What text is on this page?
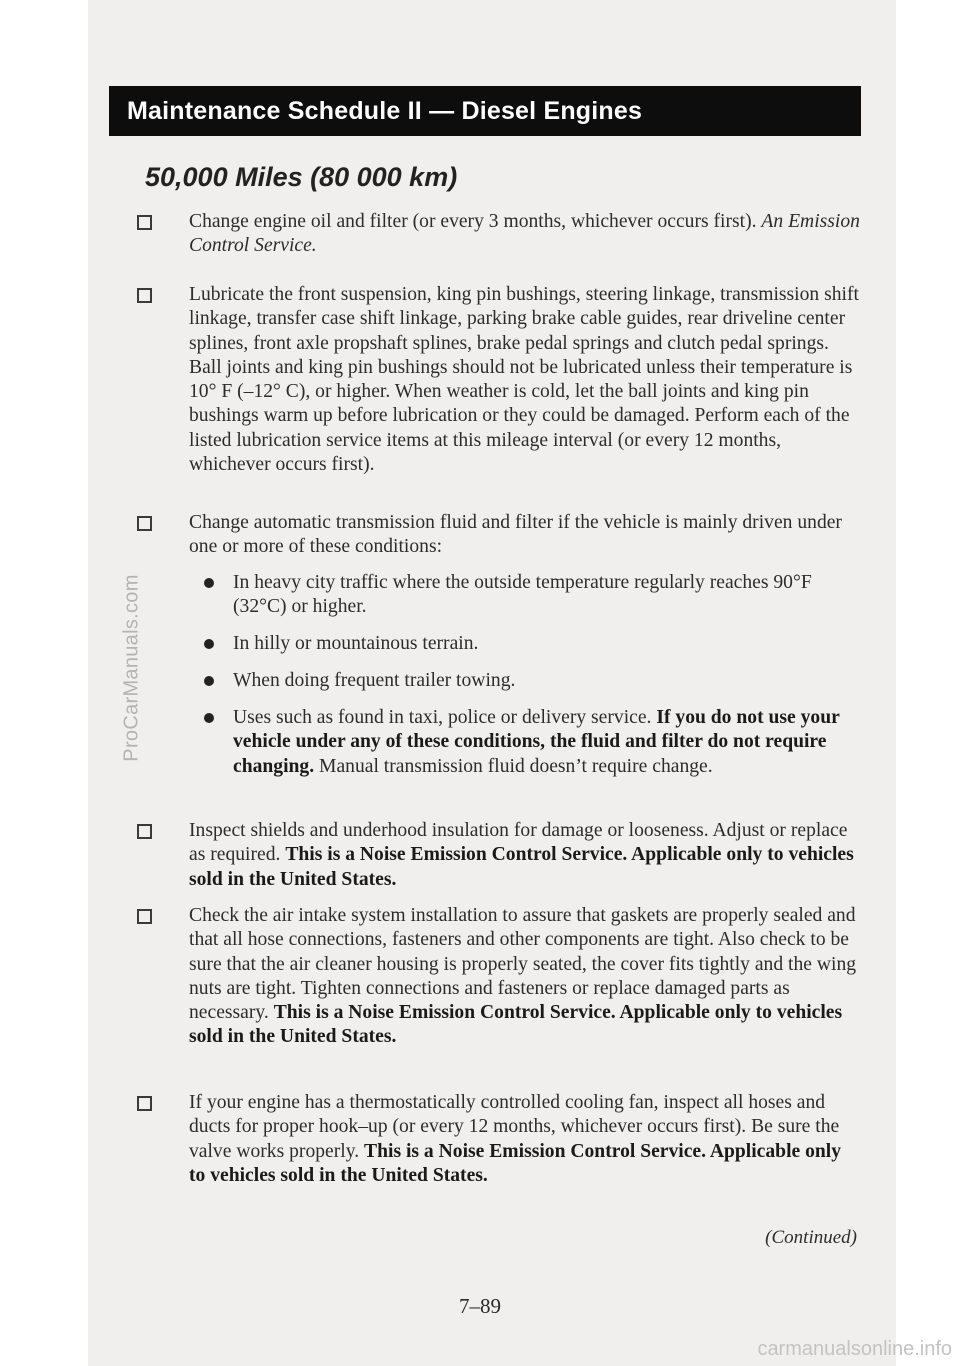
Maintenance Schedule II — Diesel Engines
50,000 Miles (80 000 km)
Change engine oil and filter (or every 3 months, whichever occurs first). An Emission Control Service.
Lubricate the front suspension, king pin bushings, steering linkage, transmission shift linkage, transfer case shift linkage, parking brake cable guides, rear driveline center splines, front axle propshaft splines, brake pedal springs and clutch pedal springs. Ball joints and king pin bushings should not be lubricated unless their temperature is 10° F (–12° C), or higher. When weather is cold, let the ball joints and king pin bushings warm up before lubrication or they could be damaged. Perform each of the listed lubrication service items at this mileage interval (or every 12 months, whichever occurs first).
Change automatic transmission fluid and filter if the vehicle is mainly driven under one or more of these conditions:
In heavy city traffic where the outside temperature regularly reaches 90°F (32°C) or higher.
In hilly or mountainous terrain.
When doing frequent trailer towing.
Uses such as found in taxi, police or delivery service. If you do not use your vehicle under any of these conditions, the fluid and filter do not require changing. Manual transmission fluid doesn’t require change.
Inspect shields and underhood insulation for damage or looseness. Adjust or replace as required. This is a Noise Emission Control Service. Applicable only to vehicles sold in the United States.
Check the air intake system installation to assure that gaskets are properly sealed and that all hose connections, fasteners and other components are tight. Also check to be sure that the air cleaner housing is properly seated, the cover fits tightly and the wing nuts are tight. Tighten connections and fasteners or replace damaged parts as necessary. This is a Noise Emission Control Service. Applicable only to vehicles sold in the United States.
If your engine has a thermostatically controlled cooling fan, inspect all hoses and ducts for proper hook–up (or every 12 months, whichever occurs first). Be sure the valve works properly. This is a Noise Emission Control Service. Applicable only to vehicles sold in the United States.
(Continued)
7–89
ProCarManuals.com
carmanualsonline.info
